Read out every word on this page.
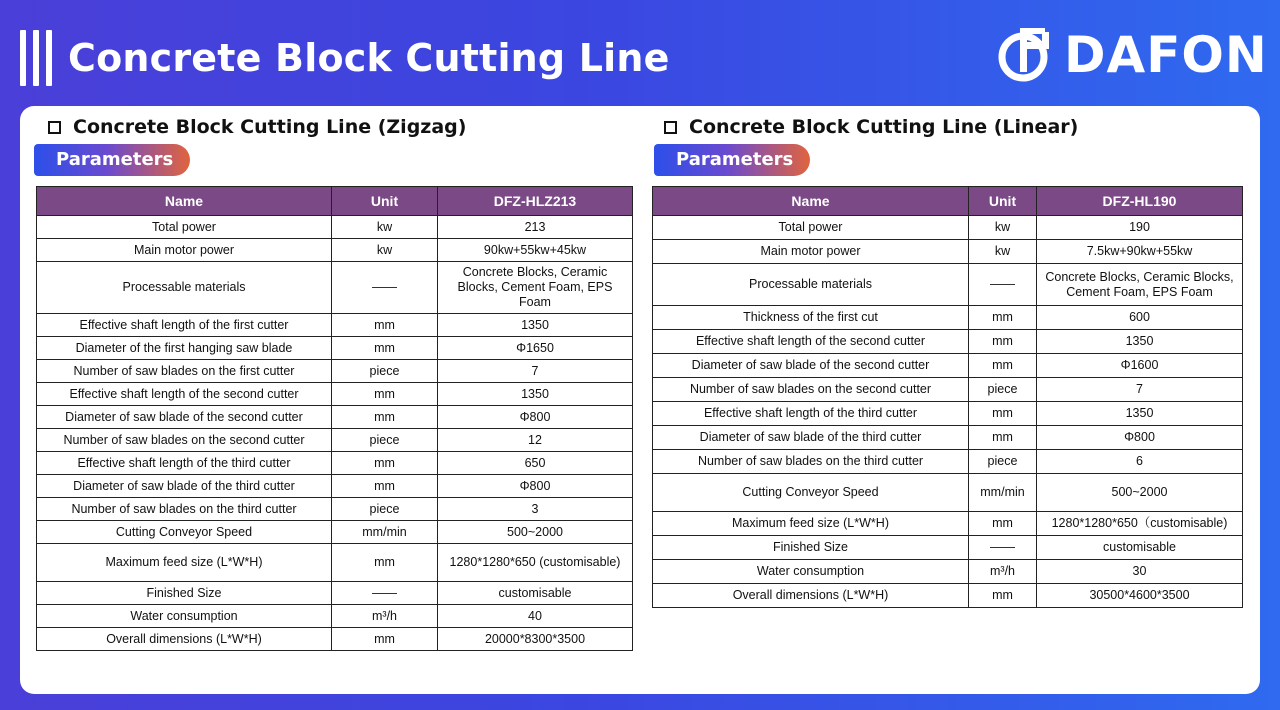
Concrete Block Cutting Line	DAFON
Concrete Block Cutting Line (Zigzag)
Parameters
Name	Unit	DFZ-HLZ213
Total power	kw	213
Main motor power	kw	90kw+55kw+45kw
Processable materials	——	Concrete Blocks, Ceramic Blocks, Cement Foam, EPS Foam
Effective shaft length of the first cutter	mm	1350
Diameter of the first hanging saw blade	mm	Φ1650
Number of saw blades on the first cutter	piece	7
Effective shaft length of the second cutter	mm	1350
Diameter of saw blade of the second cutter	mm	Φ800
Number of saw blades on the second cutter	piece	12
Effective shaft length of the third cutter	mm	650
Diameter of saw blade of the third cutter	mm	Φ800
Number of saw blades on the third cutter	piece	3
Cutting Conveyor Speed	mm/min	500~2000
Maximum feed size (L*W*H)	mm	1280*1280*650 (customisable)
Finished Size	——	customisable
Water consumption	m³/h	40
Overall dimensions (L*W*H)	mm	20000*8300*3500
Concrete Block Cutting Line (Linear)
Parameters
Name	Unit	DFZ-HL190
Total power	kw	190
Main motor power	kw	7.5kw+90kw+55kw
Processable materials	——	Concrete Blocks, Ceramic Blocks, Cement Foam, EPS Foam
Thickness of the first cut	mm	600
Effective shaft length of the second cutter	mm	1350
Diameter of saw blade of the second cutter	mm	Φ1600
Number of saw blades on the second cutter	piece	7
Effective shaft length of the third cutter	mm	1350
Diameter of saw blade of the third cutter	mm	Φ800
Number of saw blades on the third cutter	piece	6
Cutting Conveyor Speed	mm/min	500~2000
Maximum feed size (L*W*H)	mm	1280*1280*650（customisable)
Finished Size	——	customisable
Water consumption	m³/h	30
Overall dimensions (L*W*H)	mm	30500*4600*3500
